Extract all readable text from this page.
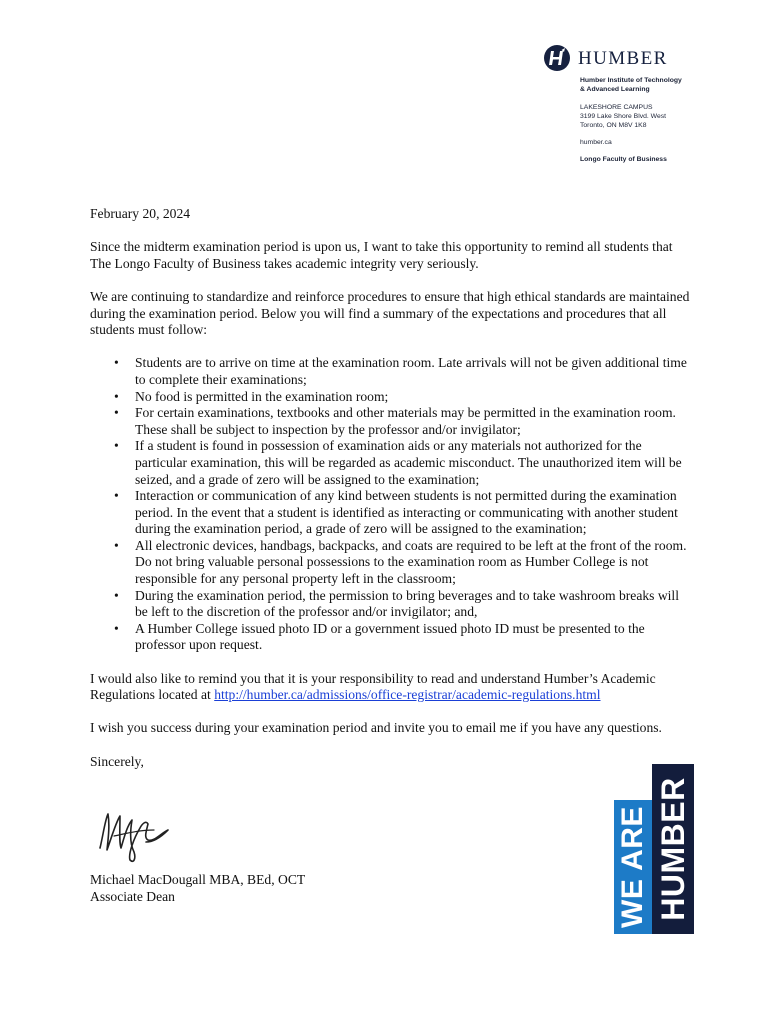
HUMBER
Humber Institute of Technology
& Advanced Learning
LAKESHORE CAMPUS
3199 Lake Shore Blvd. West
Toronto, ON M8V 1K8
humber.ca
Longo Faculty of Business
February 20, 2024

Since the midterm examination period is upon us, I want to take this opportunity to remind all students that The Longo Faculty of Business takes academic integrity very seriously.

We are continuing to standardize and reinforce procedures to ensure that high ethical standards are maintained during the examination period. Below you will find a summary of the expectations and procedures that all students must follow:

• Students are to arrive on time at the examination room. Late arrivals will not be given additional time to complete their examinations;
• No food is permitted in the examination room;
• For certain examinations, textbooks and other materials may be permitted in the examination room. These shall be subject to inspection by the professor and/or invigilator;
• If a student is found in possession of examination aids or any materials not authorized for the particular examination, this will be regarded as academic misconduct. The unauthorized item will be seized, and a grade of zero will be assigned to the examination;
• Interaction or communication of any kind between students is not permitted during the examination period. In the event that a student is identified as interacting or communicating with another student during the examination period, a grade of zero will be assigned to the examination;
• All electronic devices, handbags, backpacks, and coats are required to be left at the front of the room. Do not bring valuable personal possessions to the examination room as Humber College is not responsible for any personal property left in the classroom;
• During the examination period, the permission to bring beverages and to take washroom breaks will be left to the discretion of the professor and/or invigilator; and,
• A Humber College issued photo ID or a government issued photo ID must be presented to the professor upon request.

I would also like to remind you that it is your responsibility to read and understand Humber’s Academic Regulations located at http://humber.ca/admissions/office-registrar/academic-regulations.html

I wish you success during your examination period and invite you to email me if you have any questions.

Sincerely,
Michael MacDougall MBA, BEd, OCT
Associate Dean	WE ARE HUMBER
